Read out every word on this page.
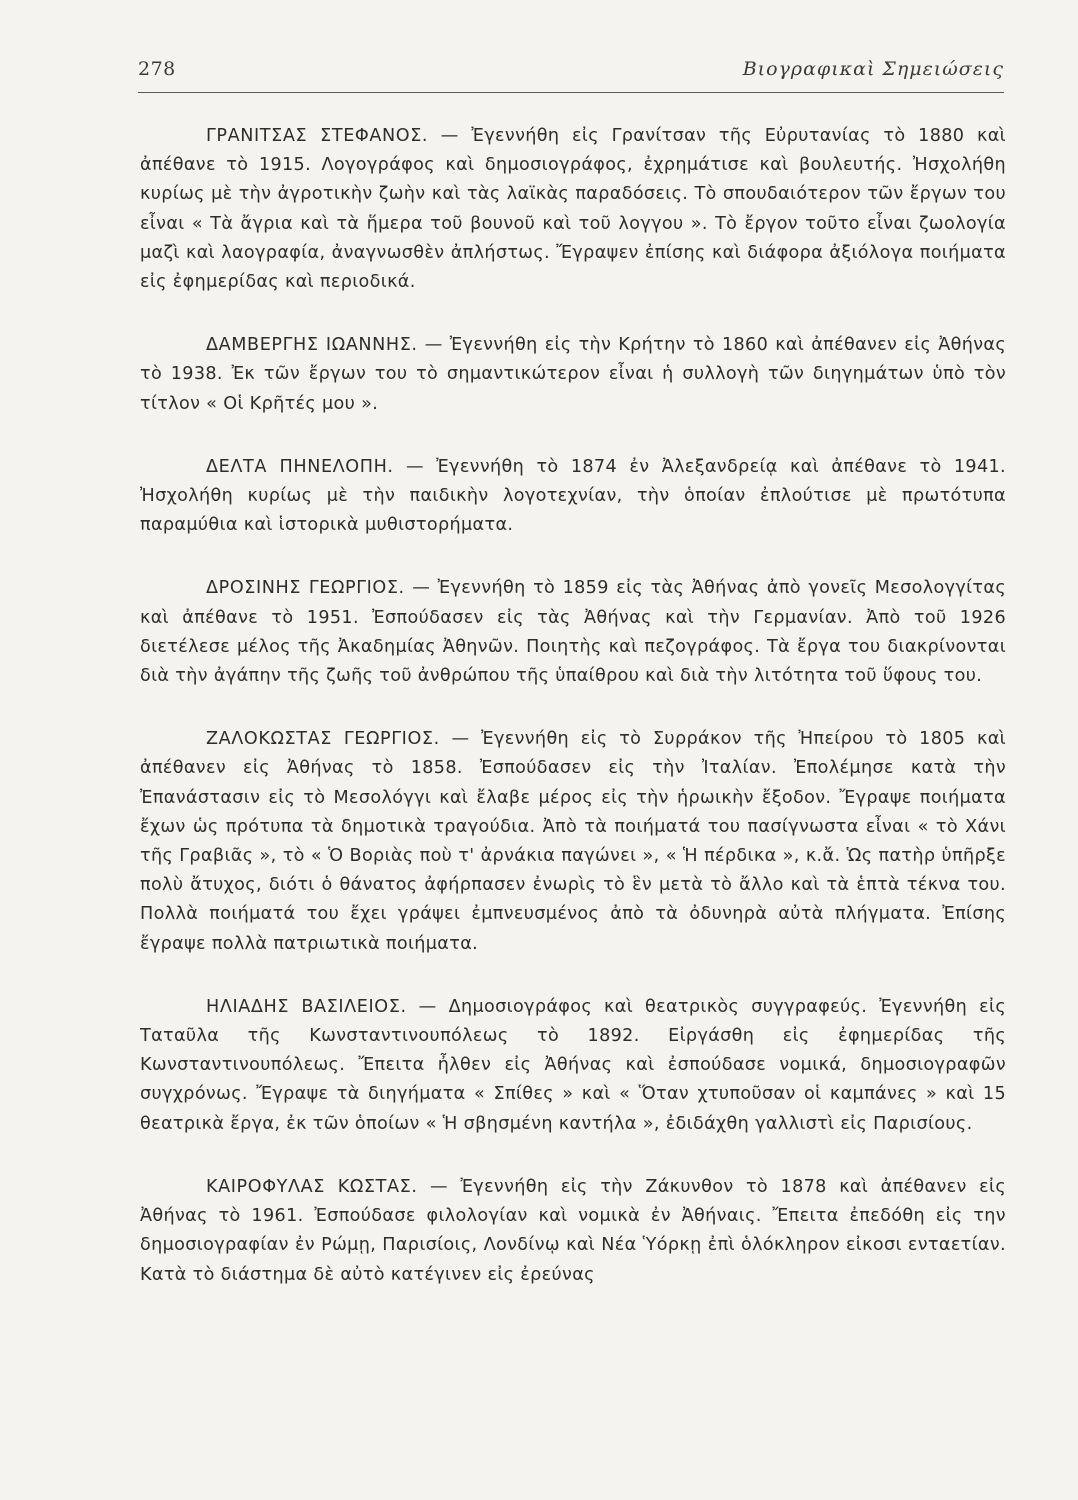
278	Βιογραφικαὶ Σημειώσεις

ΓΡΑΝΙΤΣΑΣ ΣΤΕΦΑΝΟΣ. — Ἐγεννήθη εἰς Γρανίτσαν τῆς Εὐρυτανίας τὸ 1880 καὶ ἀπέθανε τὸ 1915. Λογογράφος καὶ δημοσιογράφος, ἐχρημάτισε καὶ βουλευτής. Ἠσχολήθη κυρίως μὲ τὴν ἀγροτικὴν ζωὴν καὶ τὰς λαϊκὰς παραδόσεις. Τὸ σπουδαιότερον τῶν ἔργων του εἶναι « Τὰ ἄγρια καὶ τὰ ἥμερα τοῦ βουνοῦ καὶ τοῦ λογγου ». Τὸ ἔργον τοῦτο εἶναι ζωολογία μαζὶ καὶ λαογραφία, ἀναγνωσθὲν ἀπλήστως. Ἔγραψεν ἐπίσης καὶ διάφορα ἀξιόλογα ποιήματα εἰς ἐφημερίδας καὶ περιοδικά.

ΔΑΜΒΕΡΓΗΣ ΙΩΑΝΝΗΣ. — Ἐγεννήθη εἰς τὴν Κρήτην τὸ 1860 καὶ ἀπέθανεν εἰς Ἀθήνας τὸ 1938. Ἐκ τῶν ἔργων του τὸ σημαντικώτερον εἶναι ἡ συλλογὴ τῶν διηγημάτων ὑπὸ τὸν τίτλον « Οἱ Κρῆτές μου ».

ΔΕΛΤΑ ΠΗΝΕΛΟΠΗ. — Ἐγεννήθη τὸ 1874 ἐν Ἀλεξανδρείᾳ καὶ ἀπέθανε τὸ 1941. Ἠσχολήθη κυρίως μὲ τὴν παιδικὴν λογοτεχνίαν, τὴν ὁποίαν ἐπλούτισε μὲ πρωτότυπα παραμύθια καὶ ἱστορικὰ μυθιστορήματα.

ΔΡΟΣΙΝΗΣ ΓΕΩΡΓΙΟΣ. — Ἐγεννήθη τὸ 1859 εἰς τὰς Ἀθήνας ἀπὸ γονεῖς Μεσολογγίτας καὶ ἀπέθανε τὸ 1951. Ἐσπούδασεν εἰς τὰς Ἀθήνας καὶ τὴν Γερμανίαν. Ἀπὸ τοῦ 1926 διετέλεσε μέλος τῆς Ἀκαδημίας Ἀθηνῶν. Ποιητὴς καὶ πεζογράφος. Τὰ ἔργα του διακρίνονται διὰ τὴν ἀγάπην τῆς ζωῆς τοῦ ἀνθρώπου τῆς ὑπαίθρου καὶ διὰ τὴν λιτότητα τοῦ ὕφους του.

ΖΑΛΟΚΩΣΤΑΣ ΓΕΩΡΓΙΟΣ. — Ἐγεννήθη εἰς τὸ Συρράκον τῆς Ἠπείρου τὸ 1805 καὶ ἀπέθανεν εἰς Ἀθήνας τὸ 1858. Ἐσπούδασεν εἰς τὴν Ἰταλίαν. Ἐπολέμησε κατὰ τὴν Ἐπανάστασιν εἰς τὸ Μεσολόγγι καὶ ἔλαβε μέρος εἰς τὴν ἡρωικὴν ἔξοδον. Ἔγραψε ποιήματα ἔχων ὡς πρότυπα τὰ δημοτικὰ τραγούδια. Ἀπὸ τὰ ποιήματά του πασίγνωστα εἶναι « τὸ Χάνι τῆς Γραβιᾶς », τὸ « Ὁ Βοριὰς ποὺ τ' ἀρνάκια παγώνει », « Ἡ πέρδικα », κ.ἄ. Ὡς πατὴρ ὑπῆρξε πολὺ ἄτυχος, διότι ὁ θάνατος ἀφήρπασεν ἐνωρὶς τὸ ἓν μετὰ τὸ ἄλλο καὶ τὰ ἑπτὰ τέκνα του. Πολλὰ ποιήματά του ἔχει γράψει ἐμπνευσμένος ἀπὸ τὰ ὀδυνηρὰ αὐτὰ πλήγματα. Ἐπίσης ἔγραψε πολλὰ πατριωτικὰ ποιήματα.

ΗΛΙΑΔΗΣ ΒΑΣΙΛΕΙΟΣ. — Δημοσιογράφος καὶ θεατρικὸς συγγραφεύς. Ἐγεννήθη εἰς Ταταῦλα τῆς Κωνσταντινουπόλεως τὸ 1892. Εἰργάσθη εἰς ἐφημερίδας τῆς Κωνσταντινουπόλεως. Ἔπειτα ἦλθεν εἰς Ἀθήνας καὶ ἐσπούδασε νομικά, δημοσιογραφῶν συγχρόνως. Ἔγραψε τὰ διηγήματα « Σπίθες » καὶ « Ὅταν χτυποῦσαν οἱ καμπάνες » καὶ 15 θεατρικὰ ἔργα, ἐκ τῶν ὁποίων « Ἡ σβησμένη καντήλα », ἐδιδάχθη γαλλιστὶ εἰς Παρισίους.

ΚΑΙΡΟΦΥΛΑΣ ΚΩΣΤΑΣ. — Ἐγεννήθη εἰς τὴν Ζάκυνθον τὸ 1878 καὶ ἀπέθανεν εἰς Ἀθήνας τὸ 1961. Ἐσπούδασε φιλολογίαν καὶ νομικὰ ἐν Ἀθήναις. Ἔπειτα ἐπεδόθη εἰς την δημοσιογραφίαν ἐν Ρώμῃ, Παρισίοις, Λονδίνῳ καὶ Νέα Ὑόρκῃ ἐπὶ ὁλόκληρον εἰκοσι ενταετίαν. Κατὰ τὸ διάστημα δὲ αὐτὸ κατέγινεν εἰς ἐρεύνας
